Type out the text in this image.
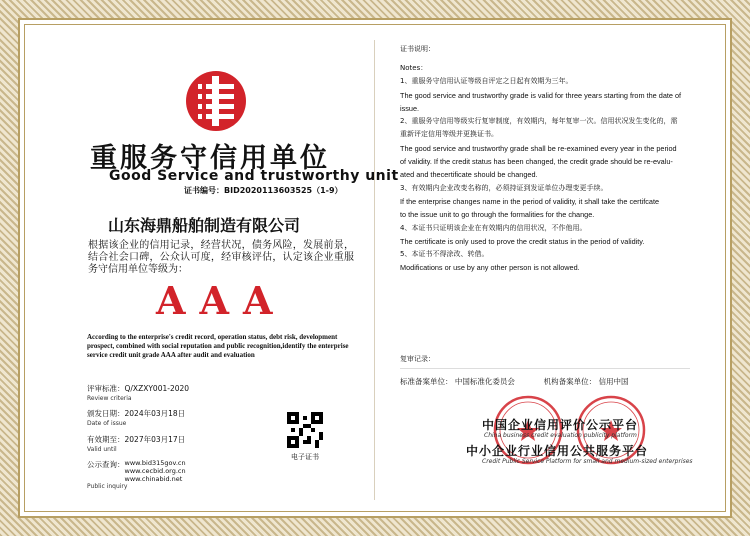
重服务守信用单位
Good Service and trustworthy unit
证书编号：BID2020113603525（1-9）
山东海鼎船舶制造有限公司
根据该企业的信用记录，经营状况，债务风险，发展前景，结合社会口碑，公众认可度，经审核评估，认定该企业重服务守信用单位等级为：
AAA
According to the enterprise's credit record, operation status, debt risk, development prospect, combined with social reputation and public recognition,identify the enterprise service credit unit grade AAA after audit and evaluation
评审标准：Q/XZXY001-2020
Review criteria
颁发日期：2024年03月18日
Date of issue
有效期至：2027年03月17日
Valid until
公示查询： www.bid315gov.cn
www.cecbid.org.cn
www.chinabid.net
Public inquiry
电子证书
证书说明：
Notes：
1、重服务守信用认证等级自评定之日起有效期为三年。
The good service and trustworthy grade is valid for three years starting from the date of
issue.
2、重服务守信用等级实行复审制度，有效期内，每年复审一次。信用状况发生变化的，需
重新评定信用等级并更换证书。
The good service and trustworthy grade shall be re-examined every year in the period
of validity. If the credit status has been changed, the credit grade should be re-evalu-
ated and thecertificate should be changed.
3、有效期内企业改变名称的，必须持证到发证单位办理变更手续。
If the enterprise changes name in the period of validity, it shall take the certifcate
to the issue unit to go through the formalities for the change.
4、本证书只证明该企业在有效期内的信用状况，不作他用。
The certificate is only used to prove the credit status in the period of validity.
5、本证书不得涂改、转借。
Modifications or use by any other person is not allowed.
复审记录：
标准备案单位： 中国标准化委员会	机构备案单位： 信用中国
中国企业信用评价公示平台
China business credit evaluation publicity platform
中小企业行业信用公共服务平台
Credit Public Service Platform for small and medium-sized enterprises
